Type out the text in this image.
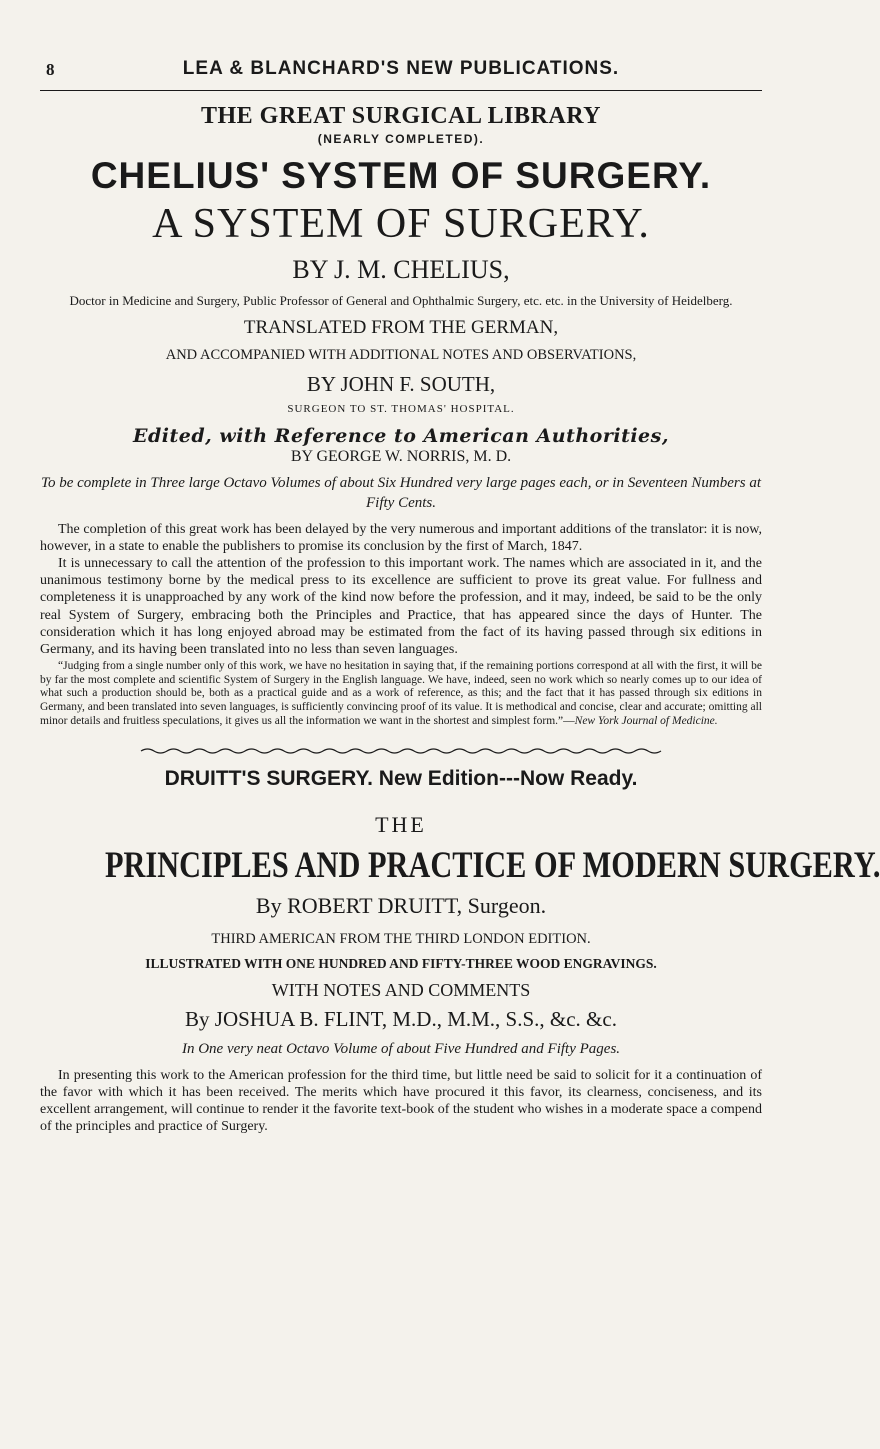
8	LEA & BLANCHARD'S NEW PUBLICATIONS.

THE GREAT SURGICAL LIBRARY

(NEARLY COMPLETED).

CHELIUS' SYSTEM OF SURGERY.

A SYSTEM OF SURGERY.

BY J. M. CHELIUS,

Doctor in Medicine and Surgery, Public Professor of General and Ophthalmic Surgery, etc. etc. in the University of Heidelberg.

TRANSLATED FROM THE GERMAN,

AND ACCOMPANIED WITH ADDITIONAL NOTES AND OBSERVATIONS,

BY JOHN F. SOUTH,

SURGEON TO ST. THOMAS' HOSPITAL.

Edited, with Reference to American Authorities,

BY GEORGE W. NORRIS, M. D.

To be complete in Three large Octavo Volumes of about Six Hundred very large pages each, or in Seventeen Numbers at Fifty Cents.

The completion of this great work has been delayed by the very numerous and important additions of the translator: it is now, however, in a state to enable the publishers to promise its conclusion by the first of March, 1847.

It is unnecessary to call the attention of the profession to this important work. The names which are associated in it, and the unanimous testimony borne by the medical press to its excellence are sufficient to prove its great value. For fullness and completeness it is unapproached by any work of the kind now before the profession, and it may, indeed, be said to be the only real System of Surgery, embracing both the Principles and Practice, that has appeared since the days of Hunter. The consideration which it has long enjoyed abroad may be estimated from the fact of its having passed through six editions in Germany, and its having been translated into no less than seven languages.

“Judging from a single number only of this work, we have no hesitation in saying that, if the remaining portions correspond at all with the first, it will be by far the most complete and scientific System of Surgery in the English language. We have, indeed, seen no work which so nearly comes up to our idea of what such a production should be, both as a practical guide and as a work of reference, as this; and the fact that it has passed through six editions in Germany, and been translated into seven languages, is sufficiently convincing proof of its value. It is methodical and concise, clear and accurate; omitting all minor details and fruitless speculations, it gives us all the information we want in the shortest and simplest form.”—New York Journal of Medicine.

DRUITT'S SURGERY. New Edition---Now Ready.

THE

PRINCIPLES AND PRACTICE OF MODERN SURGERY.

By ROBERT DRUITT, Surgeon.

THIRD AMERICAN FROM THE THIRD LONDON EDITION.

ILLUSTRATED WITH ONE HUNDRED AND FIFTY-THREE WOOD ENGRAVINGS.

WITH NOTES AND COMMENTS

By JOSHUA B. FLINT, M.D., M.M., S.S., &c. &c.

In One very neat Octavo Volume of about Five Hundred and Fifty Pages.

In presenting this work to the American profession for the third time, but little need be said to solicit for it a continuation of the favor with which it has been received. The merits which have procured it this favor, its clearness, conciseness, and its excellent arrangement, will continue to render it the favorite text-book of the student who wishes in a moderate space a compend of the principles and practice of Surgery.
